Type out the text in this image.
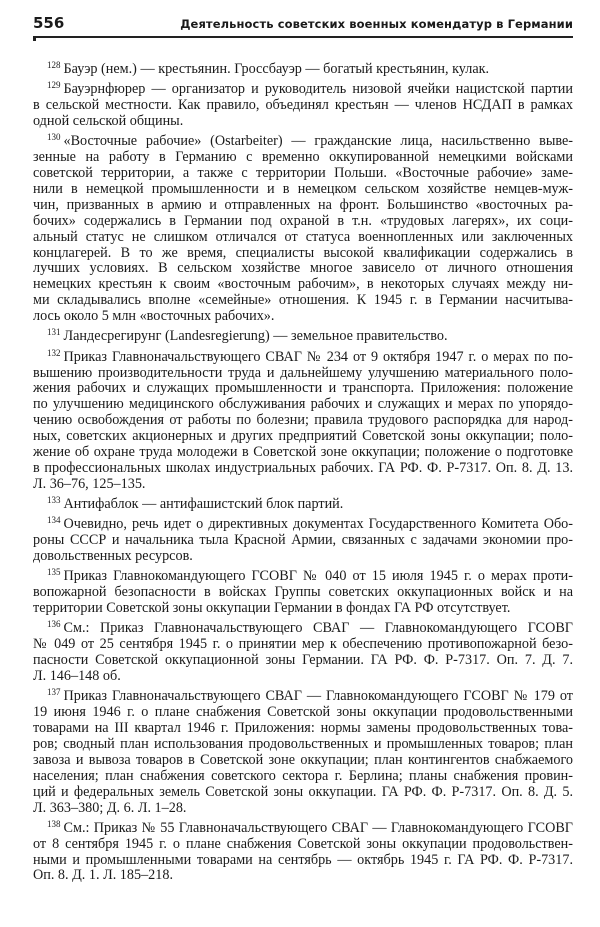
556	Деятельность советских военных комендатур в Германии
$^{128}$ Бауэр (нем.) — крестьянин. Гроссбауэр — богатый крестьянин, кулак.
$^{129}$ Бауэрнфюрер — организатор и руководитель низовой ячейки нацистской партии
в сельской местности. Как правило, объединял крестьян — членов НСДАП в рамках
одной сельской общины.
$^{130}$ «Восточные рабочие» (Ostarbeiter) — гражданские лица, насильственно выве-
зенные на работу в Германию с временно оккупированной немецкими войсками
советской территории, а также с территории Польши. «Восточные рабочие» заме-
нили в немецкой промышленности и в немецком сельском хозяйстве немцев-муж-
чин, призванных в армию и отправленных на фронт. Большинство «восточных ра-
бочих» содержались в Германии под охраной в т.н. «трудовых лагерях», их соци-
альный статус не слишком отличался от статуса военнопленных или заключенных
концлагерей. В то же время, специалисты высокой квалификации содержались в
лучших условиях. В сельском хозяйстве многое зависело от личного отношения
немецких крестьян к своим «восточным рабочим», в некоторых случаях между ни-
ми складывались вполне «семейные» отношения. К 1945 г. в Германии насчитыва-
лось около 5 млн «восточных рабочих».
$^{131}$ Ландесрегирунг (Landesregierung) — земельное правительство.
$^{132}$ Приказ Главноначальствующего СВАГ № 234 от 9 октября 1947 г. о мерах по по-
вышению производительности труда и дальнейшему улучшению материального поло-
жения рабочих и служащих промышленности и транспорта. Приложения: положение
по улучшению медицинского обслуживания рабочих и служащих и мерах по упорядо-
чению освобождения от работы по болезни; правила трудового распорядка для народ-
ных, советских акционерных и других предприятий Советской зоны оккупации; поло-
жение об охране труда молодежи в Советской зоне оккупации; положение о подготовке
в профессиональных школах индустриальных рабочих. ГА РФ. Ф. Р-7317. Оп. 8. Д. 13.
Л. 36–76, 125–135.
$^{133}$ Антифаблок — антифашистский блок партий.
$^{134}$ Очевидно, речь идет о директивных документах Государственного Комитета Обо-
роны СССР и начальника тыла Красной Армии, связанных с задачами экономии про-
довольственных ресурсов.
$^{135}$ Приказ Главнокомандующего ГСОВГ № 040 от 15 июля 1945 г. о мерах проти-
вопожарной безопасности в войсках Группы советских оккупационных войск и на
территории Советской зоны оккупации Германии в фондах ГА РФ отсутствует.
$^{136}$ См.: Приказ Главноначальствующего СВАГ — Главнокомандующего ГСОВГ
№ 049 от 25 сентября 1945 г. о принятии мер к обеспечению противопожарной безо-
пасности Советской оккупационной зоны Германии. ГА РФ. Ф. Р-7317. Оп. 7. Д. 7.
Л. 146–148 об.
$^{137}$ Приказ Главноначальствующего СВАГ — Главнокомандующего ГСОВГ № 179 от
19 июня 1946 г. о плане снабжения Советской зоны оккупации продовольственными
товарами на III квартал 1946 г. Приложения: нормы замены продовольственных това-
ров; сводный план использования продовольственных и промышленных товаров; план
завоза и вывоза товаров в Советской зоне оккупации; план контингентов снабжаемого
населения; план снабжения советского сектора г. Берлина; планы снабжения провин-
ций и федеральных земель Советской зоны оккупации. ГА РФ. Ф. Р-7317. Оп. 8. Д. 5.
Л. 363–380; Д. 6. Л. 1–28.
$^{138}$ См.: Приказ № 55 Главноначальствующего СВАГ — Главнокомандующего ГСОВГ
от 8 сентября 1945 г. о плане снабжения Советской зоны оккупации продовольствен-
ными и промышленными товарами на сентябрь — октябрь 1945 г. ГА РФ. Ф. Р-7317.
Оп. 8. Д. 1. Л. 185–218.
